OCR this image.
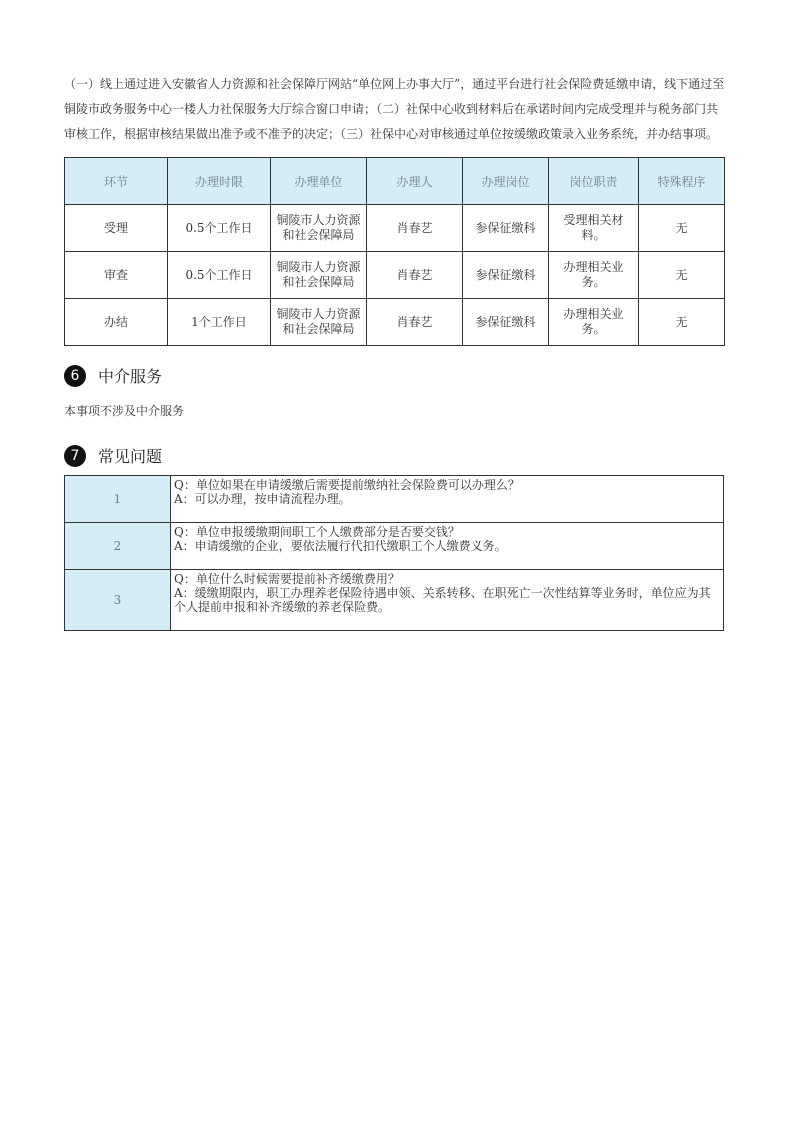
（一）线上通过进入安徽省人力资源和社会保障厅网站“单位网上办事大厅”，通过平台进行社会保险费延缴申请，线下通过至
铜陵市政务服务中心一楼人力社保服务大厅综合窗口申请；（二）社保中心收到材料后在承诺时间内完成受理并与税务部门共
审核工作，根据审核结果做出准予或不准予的决定；（三）社保中心对审核通过单位按缓缴政策录入业务系统，并办结事项。
环节	办理时限	办理单位	办理人	办理岗位	岗位职责	特殊程序
受理	0.5个工作日	铜陵市人力资源和社会保障局	肖春艺	参保征缴科	受理相关材料。	无
审查	0.5个工作日	铜陵市人力资源和社会保障局	肖春艺	参保征缴科	办理相关业务。	无
办结	1个工作日	铜陵市人力资源和社会保障局	肖春艺	参保征缴科	办理相关业务。	无
6	中介服务
本事项不涉及中介服务
7	常见问题
1	Q：单位如果在申请缓缴后需要提前缴纳社会保险费可以办理么？
A：可以办理，按申请流程办理。

2	Q：单位申报缓缴期间职工个人缴费部分是否要交钱？
A：申请缓缴的企业，要依法履行代扣代缴职工个人缴费义务。

3	Q：单位什么时候需要提前补齐缓缴费用？
A：缓缴期限内，职工办理养老保险待遇申领、关系转移、在职死亡一次性结算等业务时，单位应为其个人提前申报和补齐缓缴的养老保险费。
